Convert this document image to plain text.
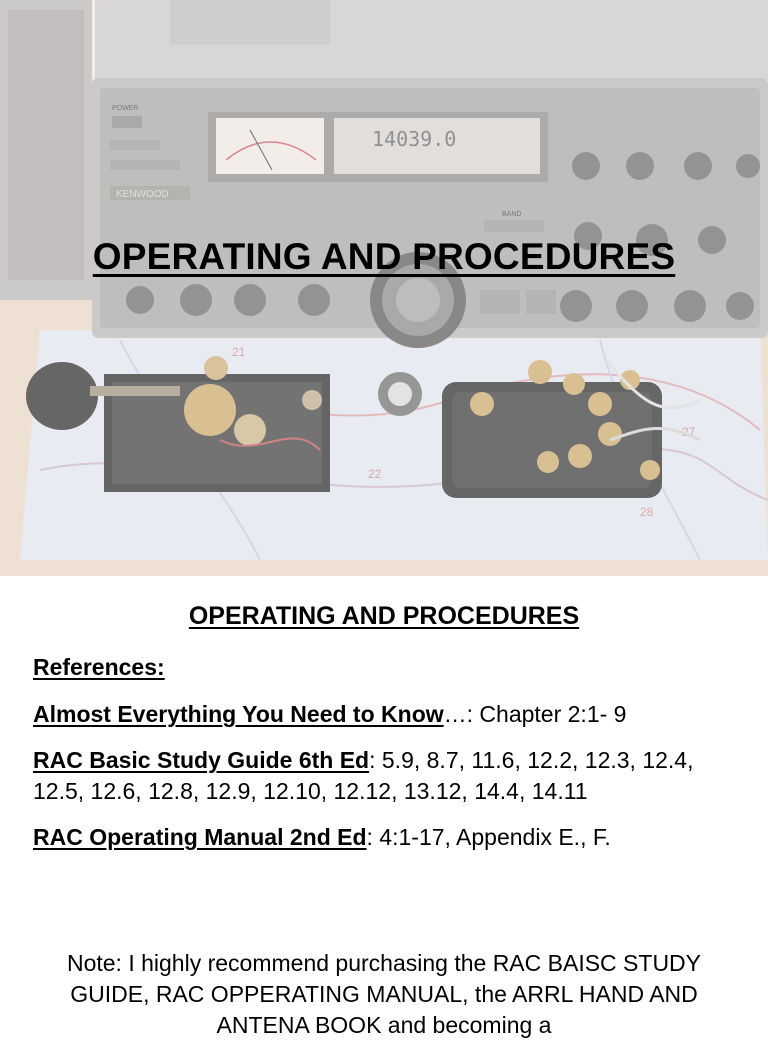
21
22
27
28
14039.0
KENWOOD
POWER
BAND
OPERATING AND PROCEDURES
OPERATING AND PROCEDURES
References:
Almost Everything You Need to Know…: Chapter 2:1- 9
RAC Basic Study Guide 6th Ed: 5.9, 8.7, 11.6, 12.2, 12.3, 12.4, 12.5, 12.6, 12.8, 12.9, 12.10, 12.12, 13.12, 14.4, 14.11
RAC Operating Manual 2nd Ed: 4:1-17, Appendix E., F.
Note: I highly recommend purchasing the RAC BAISC STUDY GUIDE, RAC OPPERATING MANUAL, the ARRL HAND AND ANTENA BOOK and becoming a
